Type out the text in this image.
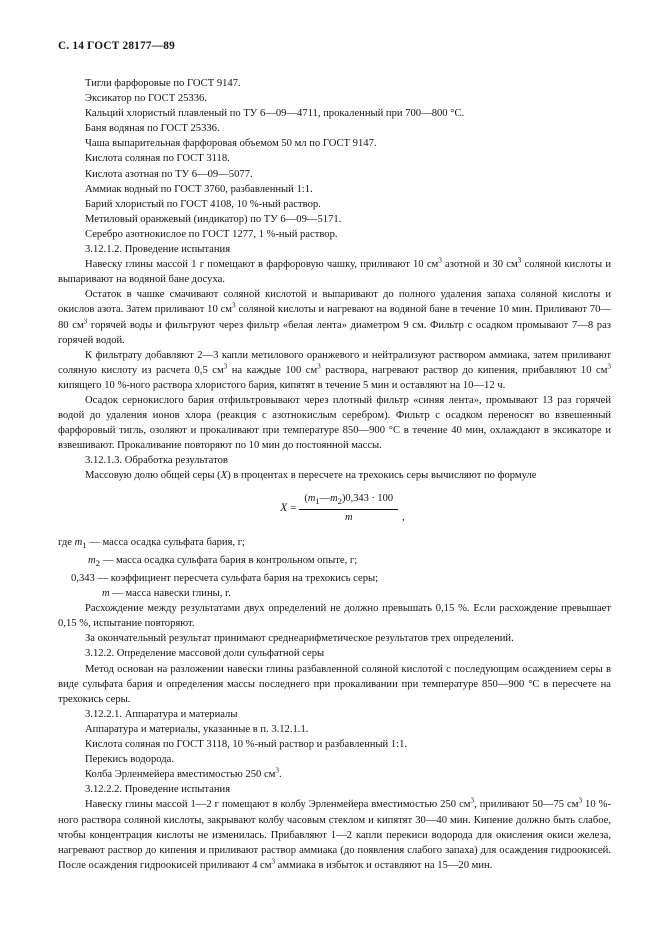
С. 14 ГОСТ 28177—89

Тигли фарфоровые по ГОСТ 9147.

Эксикатор по ГОСТ 25336.

Кальций хлористый плавленый по ТУ 6—09—4711, прокаленный при 700—800 °С.

Баня водяная по ГОСТ 25336.

Чаша выпарительная фарфоровая объемом 50 мл по ГОСТ 9147.

Кислота соляная по ГОСТ 3118.

Кислота азотная по ТУ 6—09—5077.

Аммиак водный по ГОСТ 3760, разбавленный 1:1.

Барий хлористый по ГОСТ 4108, 10 %-ный раствор.

Метиловый оранжевый (индикатор) по ТУ 6—09—5171.

Серебро азотнокислое по ГОСТ 1277, 1 %-ный раствор.

3.12.1.2. Проведение испытания

Навеску глины массой 1 г помещают в фарфоровую чашку, приливают 10 $см^3$ азотной и 30 $см^3$ соляной кислоты и выпаривают на водяной бане досуха.

Остаток в чашке смачивают соляной кислотой и выпаривают до полного удаления запаха соляной кислоты и окислов азота. Затем приливают 10 $см^3$ соляной кислоты и нагревают на водяной бане в течение 10 мин. Приливают 70—80 $см^3$ горячей воды и фильтруют через фильтр «белая лента» диаметром 9 см. Фильтр с осадком промывают 7—8 раз горячей водой.

К фильтрату добавляют 2—3 капли метилового оранжевого и нейтрализуют раствором аммиака, затем приливают соляную кислоту из расчета 0,5 $см^3$ на каждые 100 $см^3$ раствора, нагревают раствор до кипения, прибавляют 10 $см^3$ кипящего 10 %-ного раствора хлористого бария, кипятят в течение 5 мин и оставляют на 10—12 ч.

Осадок сернокислого бария отфильтровывают через плотный фильтр «синяя лента», промывают 13 раз горячей водой до удаления ионов хлора (реакция с азотнокислым серебром). Фильтр с осадком переносят во взвешенный фарфоровый тигль, озоляют и прокаливают при температуре 850—900 °С в течение 40 мин, охлаждают в эксикаторе и взвешивают. Прокаливание повторяют по 10 мин до постоянной массы.

3.12.1.3. Обработка результатов

Массовую долю общей серы (X) в процентах в пересчете на трехокись серы вычисляют по формуле

$X = \frac{(m_1—m_2)0,343 \cdot 100}{m}$ ,

где $m_1$ — масса осадка сульфата бария, г;

$m_2$ — масса осадка сульфата бария в контрольном опыте, г;

0,343 — коэффициент пересчета сульфата бария на трехокись серы;

m — масса навески глины, г.

Расхождение между результатами двух определений не должно превышать 0,15 %. Если расхождение превышает 0,15 %, испытание повторяют.

За окончательный результат принимают среднеарифметическое результатов трех определений.

3.12.2. Определение массовой доли сульфатной серы

Метод основан на разложении навески глины разбавленной соляной кислотой с последующим осаждением серы в виде сульфата бария и определения массы последнего при прокаливании при температуре 850—900 °С в пересчете на трехокись серы.

3.12.2.1. Аппаратура и материалы

Аппаратура и материалы, указанные в п. 3.12.1.1.

Кислота соляная по ГОСТ 3118, 10 %-ный раствор и разбавленный 1:1.

Перекись водорода.

Колба Эрленмейера вместимостью 250 $см^3$.

3.12.2.2. Проведение испытания

Навеску глины массой 1—2 г помещают в колбу Эрленмейера вместимостью 250 $см^3$, приливают 50—75 $см^3$ 10 %-ного раствора соляной кислоты, закрывают колбу часовым стеклом и кипятят 30—40 мин. Кипение должно быть слабое, чтобы концентрация кислоты не изменилась. Прибавляют 1—2 капли перекиси водорода для окисления окиси железа, нагревают раствор до кипения и приливают раствор аммиака (до появления слабого запаха) для осаждения гидроокисей. После осаждения гидроокисей приливают 4 $см^3$ аммиака в избыток и оставляют на 15—20 мин.
